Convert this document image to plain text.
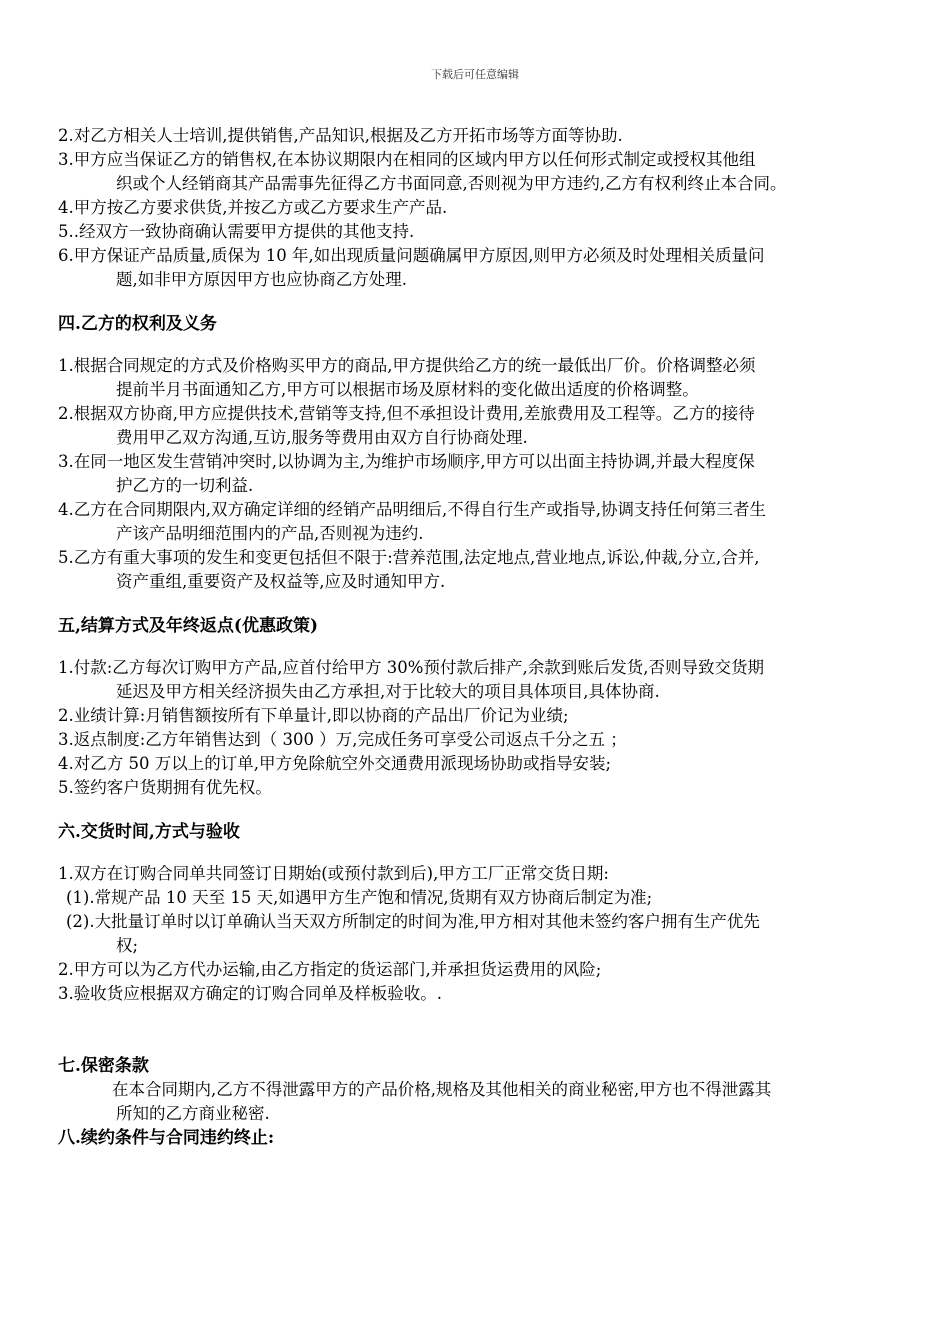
下载后可任意编辑

2.对乙方相关人士培训,提供销售,产品知识,根据及乙方开拓市场等方面等协助.

3.甲方应当保证乙方的销售权,在本协议期限内在相同的区域内甲方以任何形式制定或授权其他组

织或个人经销商其产品需事先征得乙方书面同意,否则视为甲方违约,乙方有权利终止本合同。

4.甲方按乙方要求供货,并按乙方或乙方要求生产产品.

5..经双方一致协商确认需要甲方提供的其他支持.

6.甲方保证产品质量,质保为 10 年,如出现质量问题确属甲方原因,则甲方必须及时处理相关质量问

题,如非甲方原因甲方也应协商乙方处理.

四.乙方的权利及义务

1.根据合同规定的方式及价格购买甲方的商品,甲方提供给乙方的统一最低出厂价。价格调整必须

提前半月书面通知乙方,甲方可以根据市场及原材料的变化做出适度的价格调整。

2.根据双方协商,甲方应提供技术,营销等支持,但不承担设计费用,差旅费用及工程等。乙方的接待

费用甲乙双方沟通,互访,服务等费用由双方自行协商处理.

3.在同一地区发生营销冲突时,以协调为主,为维护市场顺序,甲方可以出面主持协调,并最大程度保

护乙方的一切利益.

4.乙方在合同期限内,双方确定详细的经销产品明细后,不得自行生产或指导,协调支持任何第三者生

产该产品明细范围内的产品,否则视为违约.

5.乙方有重大事项的发生和变更包括但不限于:营养范围,法定地点,营业地点,诉讼,仲裁,分立,合并,

资产重组,重要资产及权益等,应及时通知甲方.

五,结算方式及年终返点(优惠政策)

1.付款:乙方每次订购甲方产品,应首付给甲方 30%预付款后排产,余款到账后发货,否则导致交货期

延迟及甲方相关经济损失由乙方承担,对于比较大的项目具体项目,具体协商.

2.业绩计算:月销售额按所有下单量计,即以协商的产品出厂价记为业绩;

3.返点制度:乙方年销售达到（ 300 ）万,完成任务可享受公司返点千分之五 ；

4.对乙方 50 万以上的订单,甲方免除航空外交通费用派现场协助或指导安装;

5.签约客户货期拥有优先权。

六.交货时间,方式与验收

1.双方在订购合同单共同签订日期始(或预付款到后),甲方工厂正常交货日期:

(1).常规产品 10 天至 15 天,如遇甲方生产饱和情况,货期有双方协商后制定为准;

(2).大批量订单时以订单确认当天双方所制定的时间为准,甲方相对其他未签约客户拥有生产优先

权;

2.甲方可以为乙方代办运输,由乙方指定的货运部门,并承担货运费用的风险;

3.验收货应根据双方确定的订购合同单及样板验收。.

七.保密条款

在本合同期内,乙方不得泄露甲方的产品价格,规格及其他相关的商业秘密,甲方也不得泄露其

所知的乙方商业秘密.

八.续约条件与合同违约终止:
